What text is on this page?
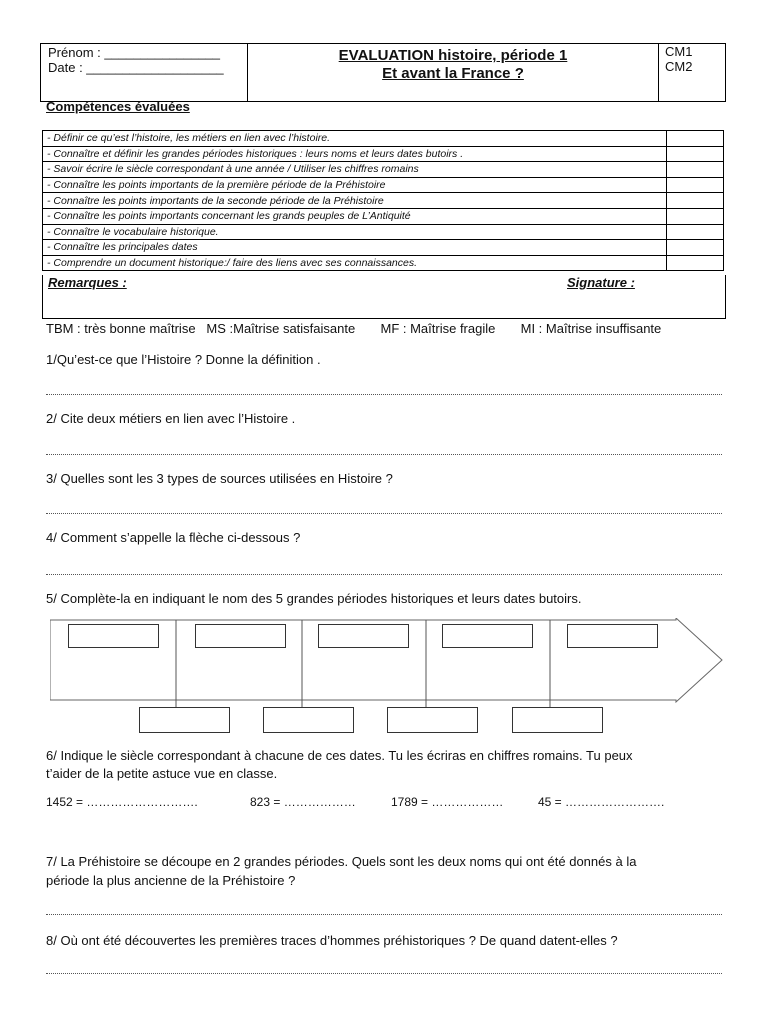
Prénom : ________________
Date : ___________________
EVALUATION histoire, période 1
Et avant la France ?
CM1
CM2
Compétences évaluées
- Définir ce qu’est l’histoire, les métiers en lien avec l’histoire.	
- Connaître et définir les grandes périodes historiques : leurs noms et leurs dates butoirs .	
- Savoir écrire le siècle correspondant à une année / Utiliser les chiffres romains	
- Connaître les points importants de la première période de la Préhistoire	
- Connaître les points importants de la seconde période de la Préhistoire	
- Connaître les points importants concernant les grands peuples de L’Antiquité	
- Connaître le vocabulaire historique.	
- Connaître les principales dates	
- Comprendre un document historique:/ faire des liens avec ses connaissances.	
Remarques :	Signature :
TBM : très bonne maîtrise   MS :Maîtrise satisfaisante       MF : Maîtrise fragile       MI : Maîtrise insuffisante
1/Qu’est-ce que l’Histoire ? Donne la définition .
2/ Cite deux métiers en lien avec l’Histoire .
3/ Quelles sont les 3 types de sources utilisées en Histoire ?
4/ Comment s’appelle la flèche ci-dessous ?
5/ Complète-la en indiquant le nom des 5 grandes périodes historiques et leurs dates butoirs.
6/ Indique le siècle correspondant à chacune de ces dates. Tu les écriras en chiffres romains. Tu peux
t’aider de la petite astuce vue en classe.
1452 = ……………………….	823 = ………………	1789 = ………………	45 = …………………….
7/ La Préhistoire se découpe en 2 grandes périodes. Quels sont les deux noms qui ont été donnés à la
période la plus ancienne de la Préhistoire ?
8/ Où ont été découvertes les premières traces d’hommes préhistoriques ? De quand datent-elles ?
